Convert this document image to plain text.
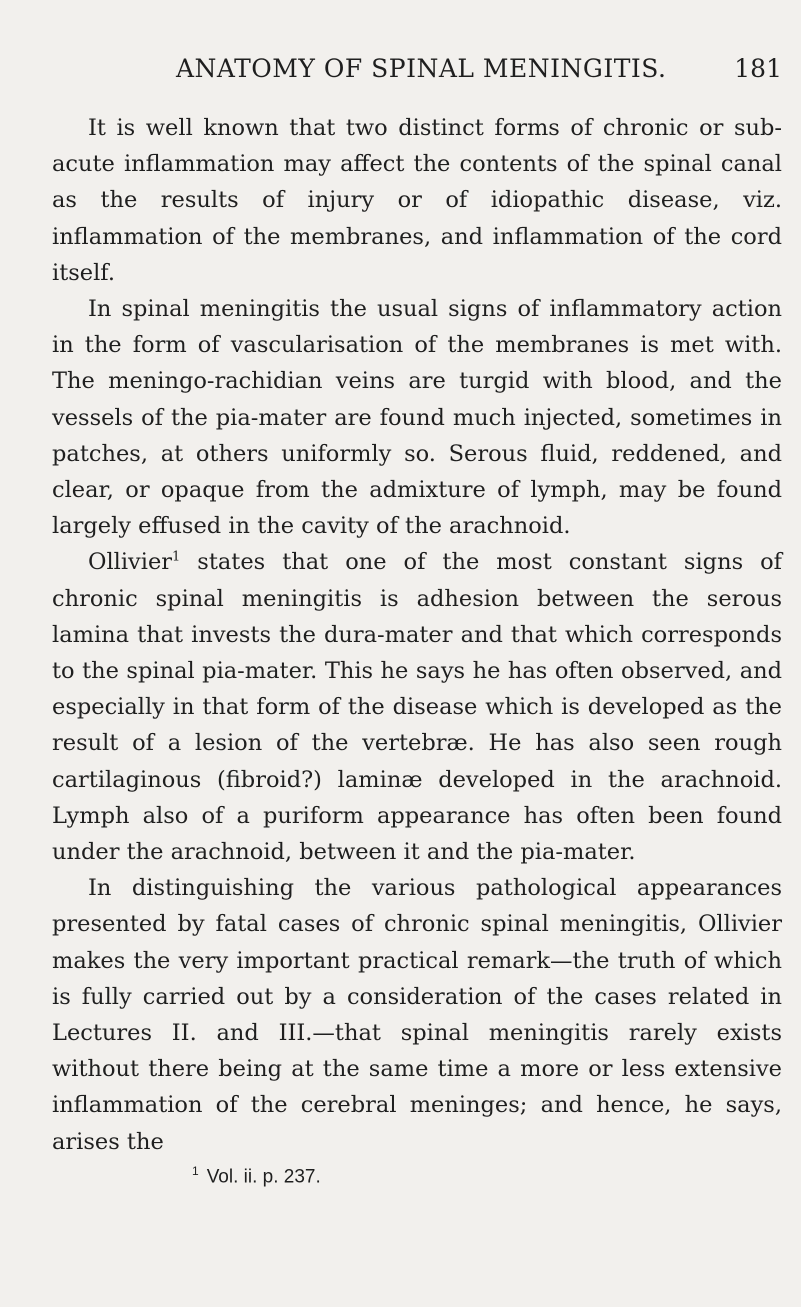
ANATOMY OF SPINAL MENINGITIS.	181

It is well known that two distinct forms of chronic or sub-acute inflammation may affect the contents of the spinal canal as the results of injury or of idiopathic disease, viz. inflammation of the membranes, and inflammation of the cord itself.

In spinal meningitis the usual signs of inflammatory action in the form of vascularisation of the membranes is met with. The meningo-rachidian veins are turgid with blood, and the vessels of the pia-mater are found much injected, sometimes in patches, at others uniformly so. Serous fluid, reddened, and clear, or opaque from the admixture of lymph, may be found largely effused in the cavity of the arachnoid.

Ollivier$^1$ states that one of the most constant signs of chronic spinal meningitis is adhesion between the serous lamina that invests the dura-mater and that which corresponds to the spinal pia-mater. This he says he has often observed, and especially in that form of the disease which is developed as the result of a lesion of the vertebræ. He has also seen rough cartilaginous (fibroid?) laminæ developed in the arachnoid. Lymph also of a puriform appearance has often been found under the arachnoid, between it and the pia-mater.

In distinguishing the various pathological appearances presented by fatal cases of chronic spinal meningitis, Ollivier makes the very important practical remark—the truth of which is fully carried out by a consideration of the cases related in Lectures II. and III.—that spinal meningitis rarely exists without there being at the same time a more or less extensive inflammation of the cerebral meninges; and hence, he says, arises the

$^1$ Vol. ii. p. 237.
